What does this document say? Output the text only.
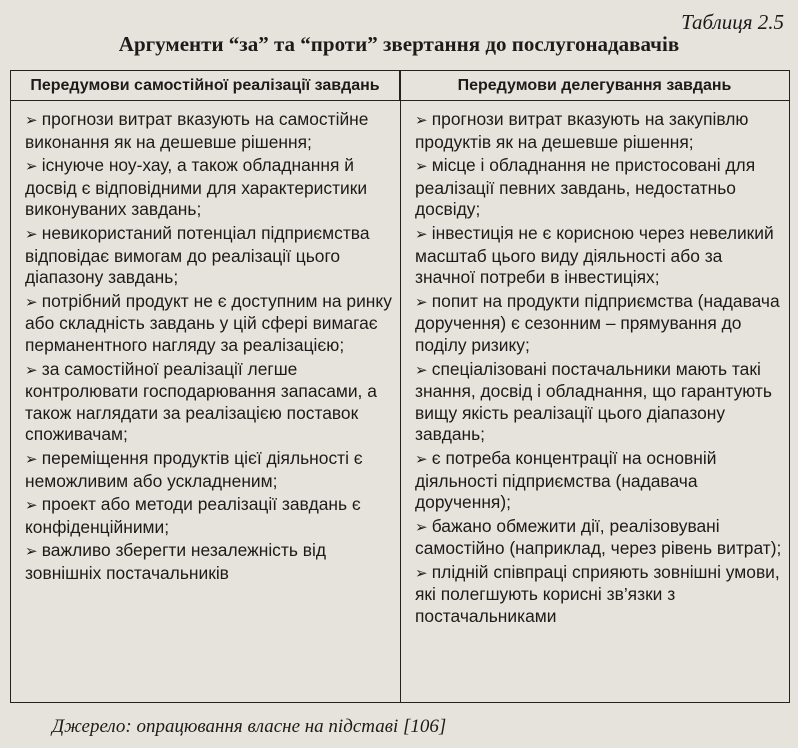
Таблиця 2.5
Аргументи “за” та “проти” звертання до послугонадавачів
Передумови самостійної реалізації завдань	Передумови делегування завдань
➢ прогнози витрат вказують на самостійне виконання як на дешевше рішення;
➢ існуюче ноу-хау, а також обладнання й досвід є відповідними для характеристики виконуваних завдань;
➢ невикористаний потенціал підприємства відповідає вимогам до реалізації цього діапазону завдань;
➢ потрібний продукт не є доступним на ринку або складність завдань у цій сфері вимагає перманентного нагляду за реалізацією;
➢ за самостійної реалізації легше контролювати господарювання запасами, а також наглядати за реалізацією поставок споживачам;
➢ переміщення продуктів цієї діяльності є неможливим або ускладненим;
➢ проект або методи реалізації завдань є конфіденційними;
➢ важливо зберегти незалежність від зовнішніх постачальників
➢ прогнози витрат вказують на закупівлю продуктів як на дешевше рішення;
➢ місце і обладнання не пристосовані для реалізації певних завдань, недостатньо досвіду;
➢ інвестиція не є корисною через невеликий масштаб цього виду діяльності або за значної потреби в інвестиціях;
➢ попит на продукти підприємства (надавача доручення) є сезонним – прямування до поділу ризику;
➢ спеціалізовані постачальники мають такі знання, досвід і обладнання, що гарантують вищу якість реалізації цього діапазону завдань;
➢ є потреба концентрації на основній діяльності підприємства (надавача доручення);
➢ бажано обмежити дії, реалізовувані самостійно (наприклад, через рівень витрат);
➢ плідній співпраці сприяють зовнішні умови, які полегшують корисні зв’язки з постачальниками
Джерело: опрацювання власне на підставі [106]
